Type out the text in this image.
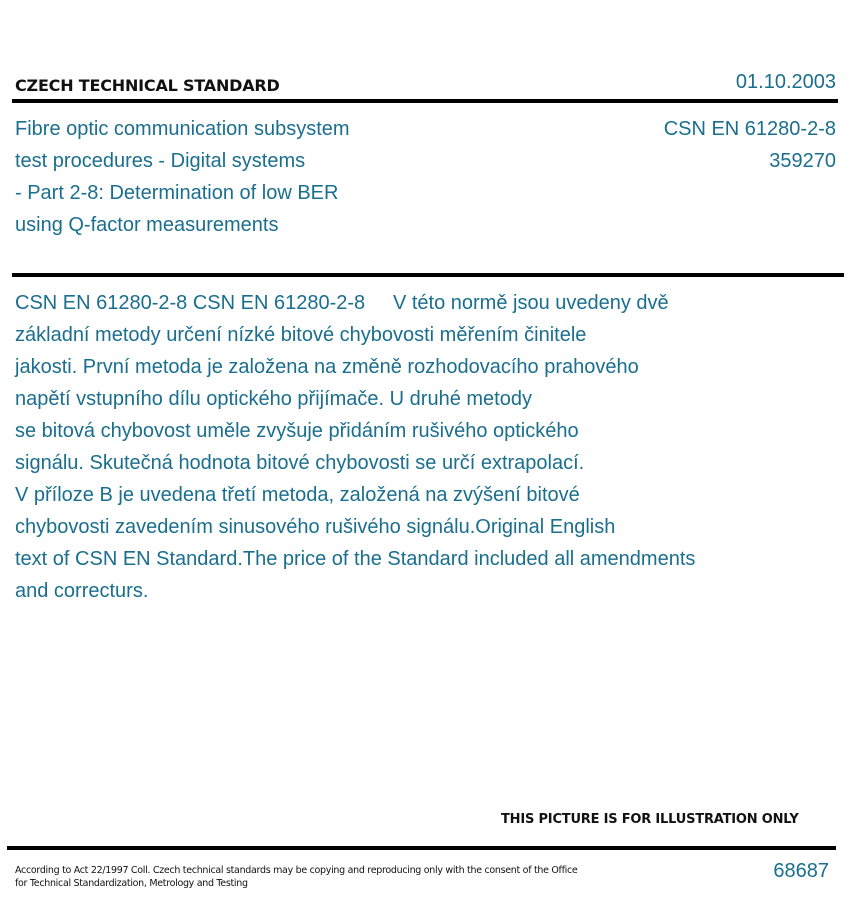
CZECH TECHNICAL STANDARD	01.10.2003
Fibre optic communication subsystem
test procedures - Digital systems
- Part 2-8: Determination of low BER
using Q-factor measurements
CSN EN 61280-2-8
359270
CSN EN 61280-2-8 CSN EN 61280-2-8     V této normě jsou uvedeny dvě
základní metody určení nízké bitové chybovosti měřením činitele
jakosti. První metoda je založena na změně rozhodovacího prahového
napětí vstupního dílu optického přijímače. U druhé metody
se bitová chybovost uměle zvyšuje přidáním rušivého optického
signálu. Skutečná hodnota bitové chybovosti se určí extrapolací.
V příloze B je uvedena třetí metoda, založená na zvýšení bitové
chybovosti zavedením sinusového rušivého signálu.Original English
text of CSN EN Standard.The price of the Standard included all amendments
and correcturs.
THIS PICTURE IS FOR ILLUSTRATION ONLY
According to Act 22/1997 Coll. Czech technical standards may be copying and reproducing only with the consent of the Office
for Technical Standardization, Metrology and Testing
68687
